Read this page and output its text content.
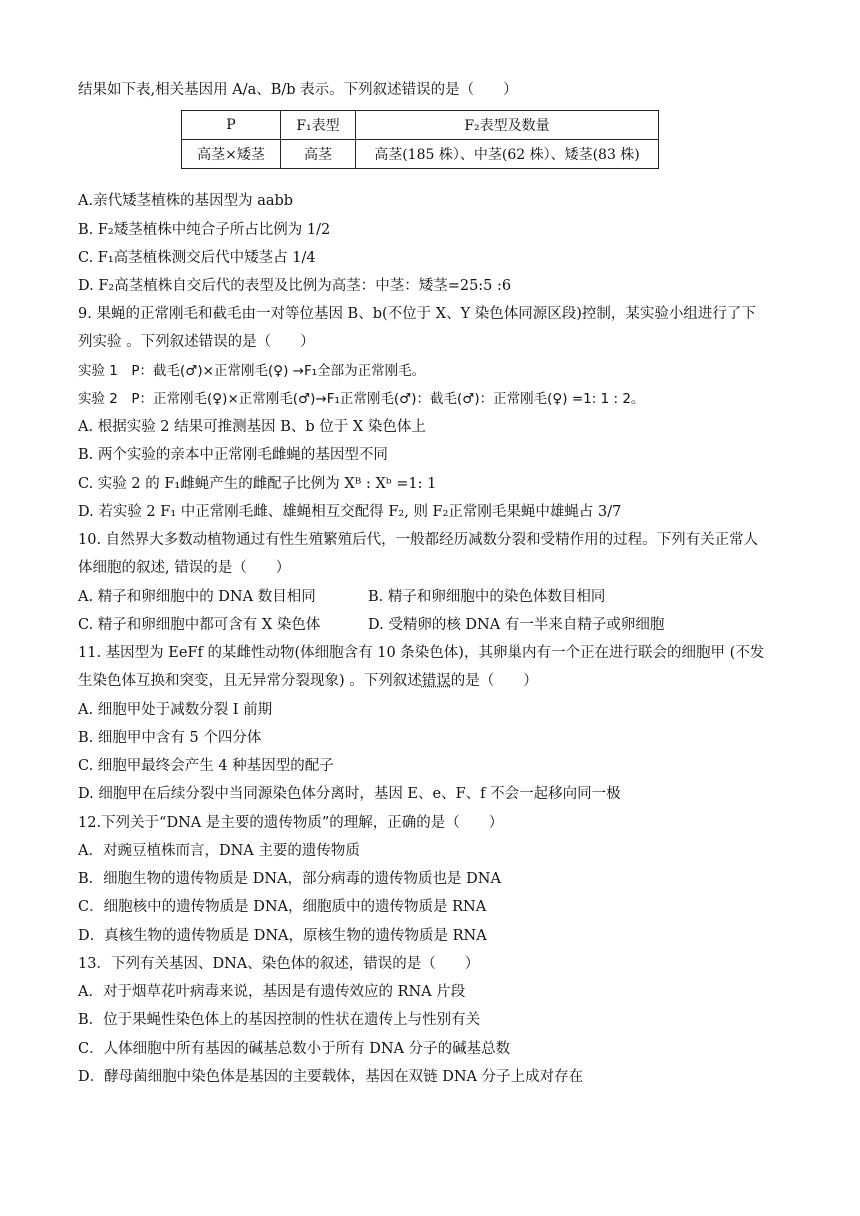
结果如下表,相关基因用 A/a、B/b 表示。下列叙述错误的是（　　）
P	F₁表型	F₂表型及数量
高茎×矮茎	高茎	高茎(185 株）、中茎(62 株）、矮茎(83 株)
A.亲代矮茎植株的基因型为 aabb
B. F₂矮茎植株中纯合子所占比例为 1/2
C. F₁高茎植株测交后代中矮茎占 1/4
D. F₂高茎植株自交后代的表型及比例为高茎：中茎：矮茎=25:5 :6
9. 果蝇的正常刚毛和截毛由一对等位基因 B、b(不位于 X、Y 染色体同源区段)控制，某实验小组进行了下
列实验 。下列叙述错误的是（　　）
实验 1　P：截毛(♂)×正常刚毛(♀) →F₁全部为正常刚毛。
实验 2　P：正常刚毛(♀)×正常刚毛(♂)→F₁正常刚毛(♂)：截毛(♂)：正常刚毛(♀) =1: 1 : 2。
A. 根据实验 2 结果可推测基因 B、b 位于 X 染色体上
B. 两个实验的亲本中正常刚毛雌蝇的基因型不同
C. 实验 2 的 F₁雌蝇产生的雌配子比例为 Xᴮ : Xᵇ =1: 1
D. 若实验 2 F₁ 中正常刚毛雌、雄蝇相互交配得 F₂, 则 F₂正常刚毛果蝇中雄蝇占 3/7
10. 自然界大多数动植物通过有性生殖繁殖后代，一般都经历减数分裂和受精作用的过程。下列有关正常人
体细胞的叙述, 错误的是（　　）
A. 精子和卵细胞中的 DNA 数目相同	B. 精子和卵细胞中的染色体数目相同
C. 精子和卵细胞中都可含有 X 染色体	D. 受精卵的核 DNA 有一半来自精子或卵细胞
11. 基因型为 EeFf 的某雌性动物(体细胞含有 10 条染色体)，其卵巢内有一个正在进行联会的细胞甲 (不发
生染色体互换和突变，且无异常分裂现象) 。下列叙述错误的是（　　）
A. 细胞甲处于减数分裂 I 前期
B. 细胞甲中含有 5 个四分体
C. 细胞甲最终会产生 4 种基因型的配子
D. 细胞甲在后续分裂中当同源染色体分离时，基因 E、e、F、f 不会一起移向同一极
12.下列关于“DNA 是主要的遗传物质”的理解，正确的是（　　）
A．对豌豆植株而言，DNA 主要的遗传物质
B．细胞生物的遗传物质是 DNA，部分病毒的遗传物质也是 DNA
C．细胞核中的遗传物质是 DNA，细胞质中的遗传物质是 RNA
D．真核生物的遗传物质是 DNA，原核生物的遗传物质是 RNA
13．下列有关基因、DNA、染色体的叙述，错误的是（　　）
A．对于烟草花叶病毒来说，基因是有遗传效应的 RNA 片段
B．位于果蝇性染色体上的基因控制的性状在遗传上与性别有关
C．人体细胞中所有基因的碱基总数小于所有 DNA 分子的碱基总数
D．酵母菌细胞中染色体是基因的主要载体，基因在双链 DNA 分子上成对存在
